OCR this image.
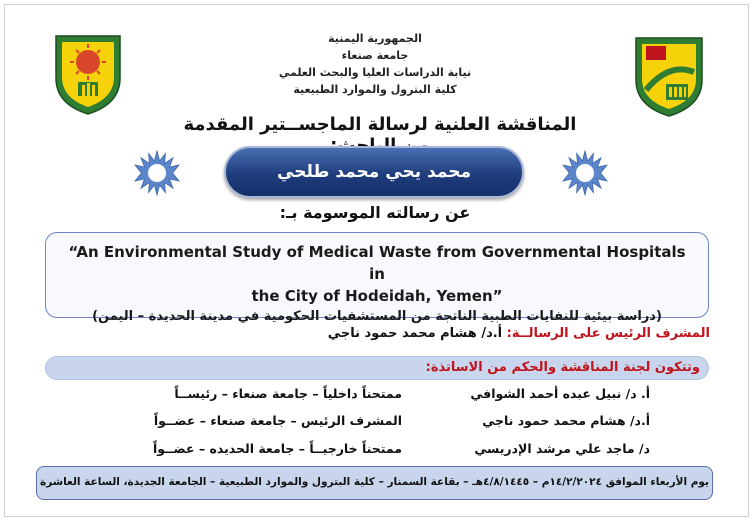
الجمهورية اليمنية
جامعة صنعاء
نيابة الدراسات العليا والبحث العلمي
كلية البترول والموارد الطبيعية
المناقشة العلنية لرسالة الماجســتير المقدمة
محمد يحي محمد طلحي
عن رسالته الموسومة بـ:
“An Environmental Study of Medical Waste from Governmental Hospitals in
the City of Hodeidah, Yemen”
(دراسة بيئية للنفايات الطبية الناتجة من المستشفيات الحكومية في مدينة الحديدة – اليمن)
المشرف الرئيس على الرسالــة: أ.د/ هشام محمد حمود ناجي
وتتكون لجنة المناقشة والحكم من الاساتذة:
أ. د/ نبيل عبده أحمد الشوافي
ممتحناً داخلياً – جامعة صنعاء – رئيســاً
أ.د/ هشام محمد حمود ناجي
المشرف الرئيس – جامعة صنعاء – عضــواً
د/ ماجد علي مرشد الإدريسي
ممتحناً خارجيــاً – جامعة الحديده – عضــواً
يوم الأربعاء الموافق ١٤/٢/٢٠٢٤م – ٤/٨/١٤٤٥هـ – بقاعة السمنار – كلية البترول والموارد الطبيعية – الجامعة الجديدة، الساعة العاشرة
